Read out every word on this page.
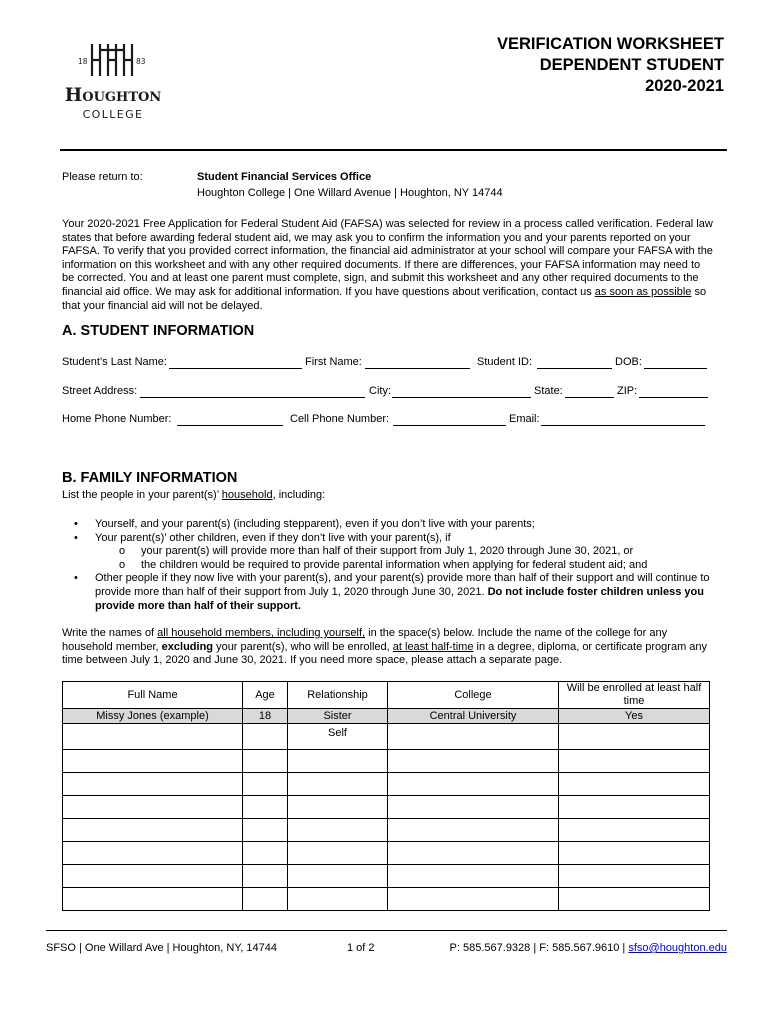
18	83
Houghton
COLLEGE
VERIFICATION WORKSHEET
DEPENDENT STUDENT
2020-2021
Please return to:	Student Financial Services Office
Houghton College | One Willard Avenue | Houghton, NY 14744

Your 2020-2021 Free Application for Federal Student Aid (FAFSA) was selected for review in a process called verification. Federal law states that before awarding federal student aid, we may ask you to confirm the information you and your parents reported on your FAFSA. To verify that you provided correct information, the financial aid administrator at your school will compare your FAFSA with the information on this worksheet and with any other required documents. If there are differences, your FAFSA information may need to be corrected. You and at least one parent must complete, sign, and submit this worksheet and any other required documents to the financial aid office. We may ask for additional information. If you have questions about verification, contact us as soon as possible so that your financial aid will not be delayed.

A. STUDENT INFORMATION
Student’s Last Name:	First Name:	Student ID:	DOB:
Street Address:	City:	State:	ZIP:
Home Phone Number:	Cell Phone Number:	Email:
B. FAMILY INFORMATION
List the people in your parent(s)’ household, including:
• Yourself, and your parent(s) (including stepparent), even if you don’t live with your parents;
• Your parent(s)’ other children, even if they don’t live with your parent(s), if
o your parent(s) will provide more than half of their support from July 1, 2020 through June 30, 2021, or
o the children would be required to provide parental information when applying for federal student aid; and
• Other people if they now live with your parent(s), and your parent(s) provide more than half of their support and will continue to provide more than half of their support from July 1, 2020 through June 30, 2021. Do not include foster children unless you provide more than half of their support.
Write the names of all household members, including yourself, in the space(s) below. Include the name of the college for any household member, excluding your parent(s), who will be enrolled, at least half-time in a degree, diploma, or certificate program any time between July 1, 2020 and June 30, 2021. If you need more space, please attach a separate page.
Full Name	Age	Relationship	College	Will be enrolled at least half time
Missy Jones (example)	18	Sister	Central University	Yes
		Self		

SFSO | One Willard Ave | Houghton, NY, 14744	1 of 2	P: 585.567.9328 | F: 585.567.9610 | sfso@houghton.edu
